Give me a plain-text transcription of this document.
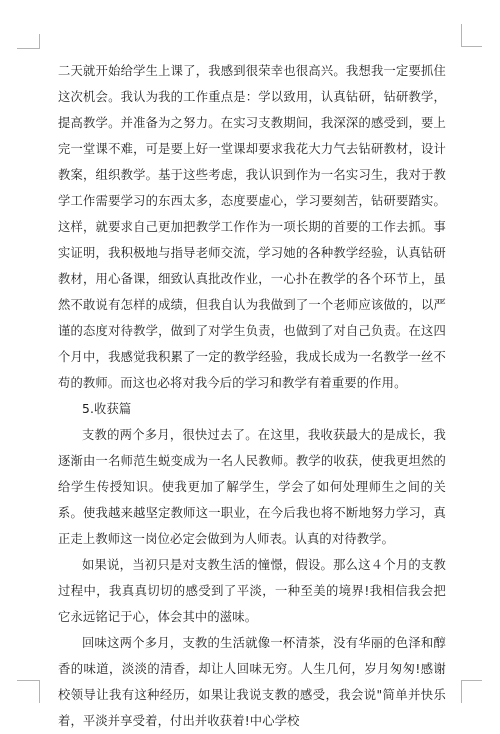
二天就开始给学生上课了，我感到很荣幸也很高兴。我想我一定要抓住这次机会。我认为我的工作重点是：学以致用，认真钻研，钻研教学，提高教学。并准备为之努力。在实习支教期间，我深深的感受到，要上完一堂课不难，可是要上好一堂课却要求我花大力气去钻研教材，设计教案，组织教学。基于这些考虑，我认识到作为一名实习生，我对于教学工作需要学习的东西太多，态度要虚心，学习要刻苦，钻研要踏实。这样，就要求自己更加把教学工作作为一项长期的首要的工作去抓。事实证明，我积极地与指导老师交流，学习她的各种教学经验，认真钻研教材，用心备课，细致认真批改作业，一心扑在教学的各个环节上，虽然不敢说有怎样的成绩，但我自认为我做到了一个老师应该做的，以严谨的态度对待教学，做到了对学生负责，也做到了对自己负责。在这四个月中，我感觉我积累了一定的教学经验，我成长成为一名教学一丝不苟的教师。而这也必将对我今后的学习和教学有着重要的作用。

5.收获篇

支教的两个多月，很快过去了。在这里，我收获最大的是成长，我逐渐由一名师范生蜕变成为一名人民教师。教学的收获，使我更坦然的给学生传授知识。使我更加了解学生，学会了如何处理师生之间的关系。使我越来越坚定教师这一职业，在今后我也将不断地努力学习，真正走上教师这一岗位必定会做到为人师表。认真的对待教学。

如果说，当初只是对支教生活的憧憬，假设。那么这４个月的支教过程中，我真真切切的感受到了平淡，一种至美的境界!我相信我会把它永远铭记于心，体会其中的滋味。

回味这两个多月，支教的生活就像一杯清茶，没有华丽的色泽和醇香的味道，淡淡的清香，却让人回味无穷。人生几何，岁月匆匆!感谢校领导让我有这种经历，如果让我说支教的感受，我会说"简单并快乐着，平淡并享受着，付出并收获着!中心学校
